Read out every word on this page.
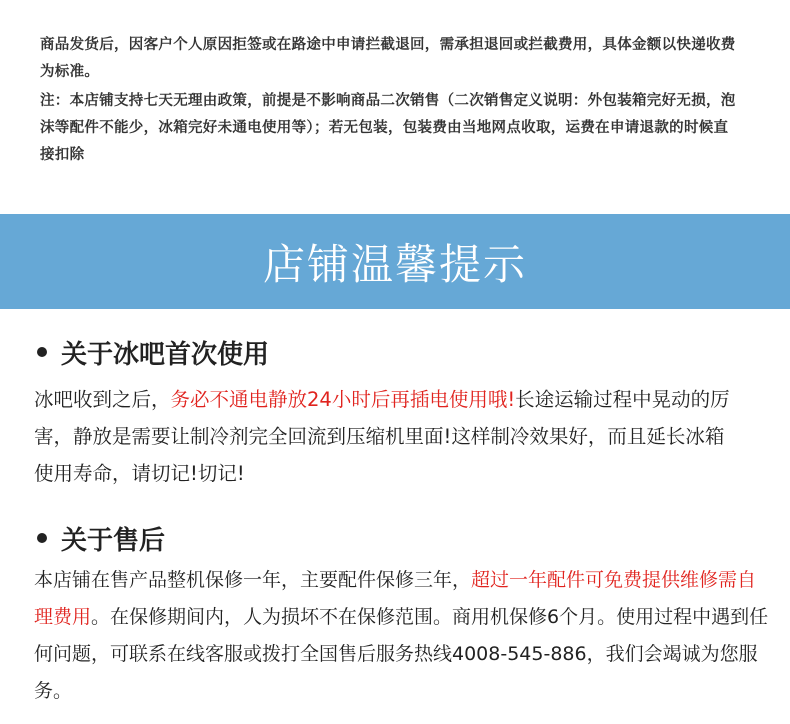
商品发货后，因客户个人原因拒签或在路途中申请拦截退回，需承担退回或拦截费用，具体金额以快递收费为标准。

注：本店铺支持七天无理由政策，前提是不影响商品二次销售（二次销售定义说明：外包装箱完好无损，泡沫等配件不能少，冰箱完好未通电使用等）；若无包装，包装费由当地网点收取，运费在申请退款的时候直接扣除

店铺温馨提示
关于冰吧首次使用
冰吧收到之后，务必不通电静放24小时后再插电使用哦!长途运输过程中晃动的厉害，静放是需要让制冷剂完全回流到压缩机里面!这样制冷效果好，而且延长冰箱使用寿命，请切记!切记!
关于售后
本店铺在售产品整机保修一年，主要配件保修三年，超过一年配件可免费提供维修需自理费用。在保修期间内，人为损坏不在保修范围。商用机保修6个月。使用过程中遇到任何问题，可联系在线客服或拨打全国售后服务热线4008-545-886，我们会竭诚为您服务。
